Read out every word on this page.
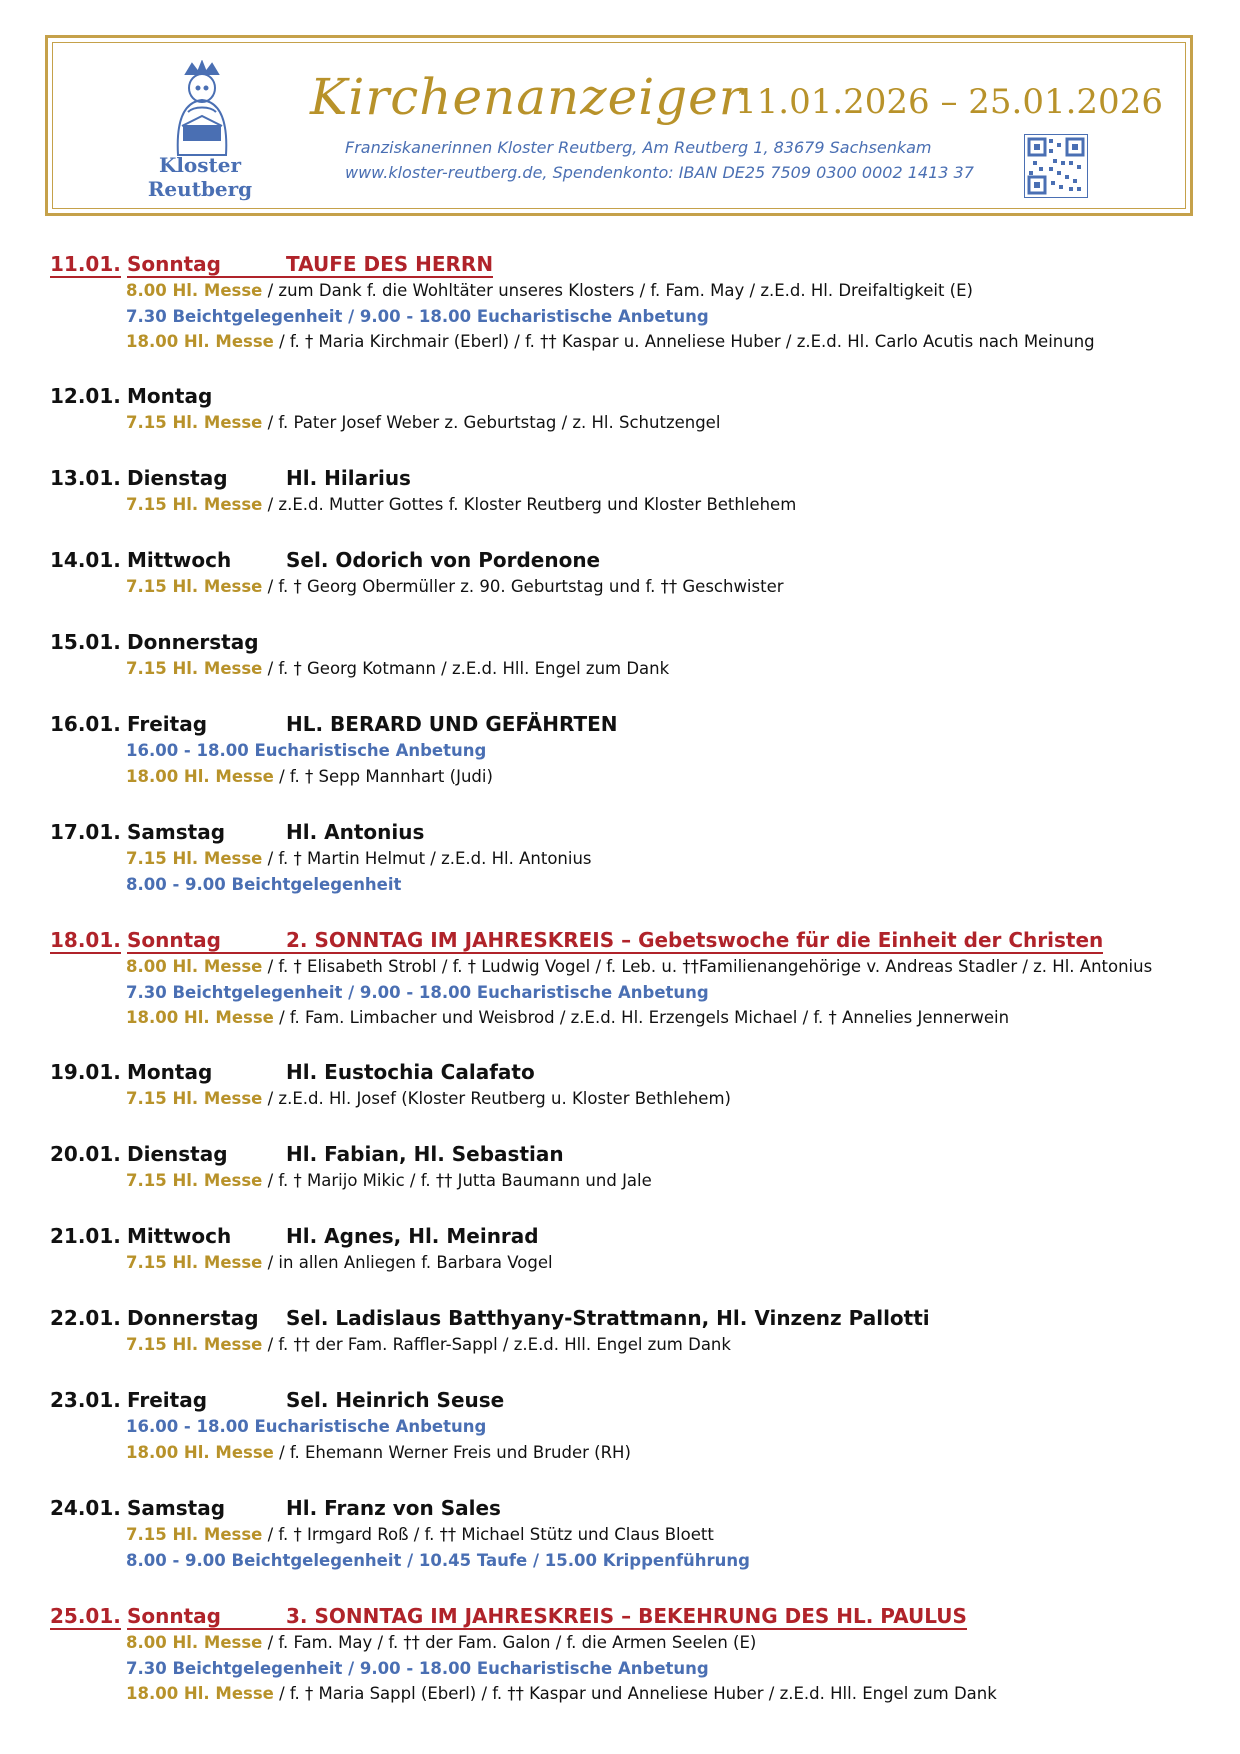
Kloster
Reutberg
Kirchenanzeiger
11.01.2026 – 25.01.2026
Franziskanerinnen Kloster Reutberg, Am Reutberg 1, 83679 Sachsenkam
www.kloster-reutberg.de, Spendenkonto: IBAN DE25 7509 0300 0002 1413 37
11.01. Sonntag	TAUFE DES HERRN
8.00 Hl. Messe / zum Dank f. die Wohltäter unseres Klosters / f. Fam. May / z.E.d. Hl. Dreifaltigkeit (E)
7.30 Beichtgelegenheit / 9.00 - 18.00 Eucharistische Anbetung
18.00 Hl. Messe / f. † Maria Kirchmair (Eberl) / f. †† Kaspar u. Anneliese Huber / z.E.d. Hl. Carlo Acutis nach Meinung
12.01. Montag
7.15 Hl. Messe / f. Pater Josef Weber z. Geburtstag / z. Hl. Schutzengel
13.01. Dienstag	Hl. Hilarius
7.15 Hl. Messe / z.E.d. Mutter Gottes f. Kloster Reutberg und Kloster Bethlehem
14.01. Mittwoch	Sel. Odorich von Pordenone
7.15 Hl. Messe / f. † Georg Obermüller z. 90. Geburtstag und f. †† Geschwister
15.01. Donnerstag
7.15 Hl. Messe / f. † Georg Kotmann / z.E.d. Hll. Engel zum Dank
16.01. Freitag	HL. BERARD UND GEFÄHRTEN
16.00 - 18.00 Eucharistische Anbetung
18.00 Hl. Messe / f. † Sepp Mannhart (Judi)
17.01. Samstag	Hl. Antonius
7.15 Hl. Messe / f. † Martin Helmut / z.E.d. Hl. Antonius
8.00 - 9.00 Beichtgelegenheit
18.01. Sonntag	2. SONNTAG IM JAHRESKREIS – Gebetswoche für die Einheit der Christen
8.00 Hl. Messe / f. † Elisabeth Strobl / f. † Ludwig Vogel / f. Leb. u. ††Familienangehörige v. Andreas Stadler / z. Hl. Antonius
7.30 Beichtgelegenheit / 9.00 - 18.00 Eucharistische Anbetung
18.00 Hl. Messe / f. Fam. Limbacher und Weisbrod / z.E.d. Hl. Erzengels Michael / f. † Annelies Jennerwein
19.01. Montag	Hl. Eustochia Calafato
7.15 Hl. Messe / z.E.d. Hl. Josef (Kloster Reutberg u. Kloster Bethlehem)
20.01. Dienstag	Hl. Fabian, Hl. Sebastian
7.15 Hl. Messe / f. † Marijo Mikic / f. †† Jutta Baumann und Jale
21.01. Mittwoch	Hl. Agnes, Hl. Meinrad
7.15 Hl. Messe / in allen Anliegen f. Barbara Vogel
22.01. Donnerstag Sel. Ladislaus Batthyany-Strattmann, Hl. Vinzenz Pallotti
7.15 Hl. Messe / f. †† der Fam. Raffler-Sappl / z.E.d. Hll. Engel zum Dank
23.01. Freitag	Sel. Heinrich Seuse
16.00 - 18.00 Eucharistische Anbetung
18.00 Hl. Messe / f. Ehemann Werner Freis und Bruder (RH)
24.01. Samstag	Hl. Franz von Sales
7.15 Hl. Messe / f. † Irmgard Roß / f. †† Michael Stütz und Claus Bloett
8.00 - 9.00 Beichtgelegenheit / 10.45 Taufe / 15.00 Krippenführung
25.01. Sonntag	3. SONNTAG IM JAHRESKREIS – BEKEHRUNG DES HL. PAULUS
8.00 Hl. Messe / f. Fam. May / f. †† der Fam. Galon / f. die Armen Seelen (E)
7.30 Beichtgelegenheit / 9.00 - 18.00 Eucharistische Anbetung
18.00 Hl. Messe / f. † Maria Sappl (Eberl) / f. †† Kaspar und Anneliese Huber / z.E.d. Hll. Engel zum Dank
